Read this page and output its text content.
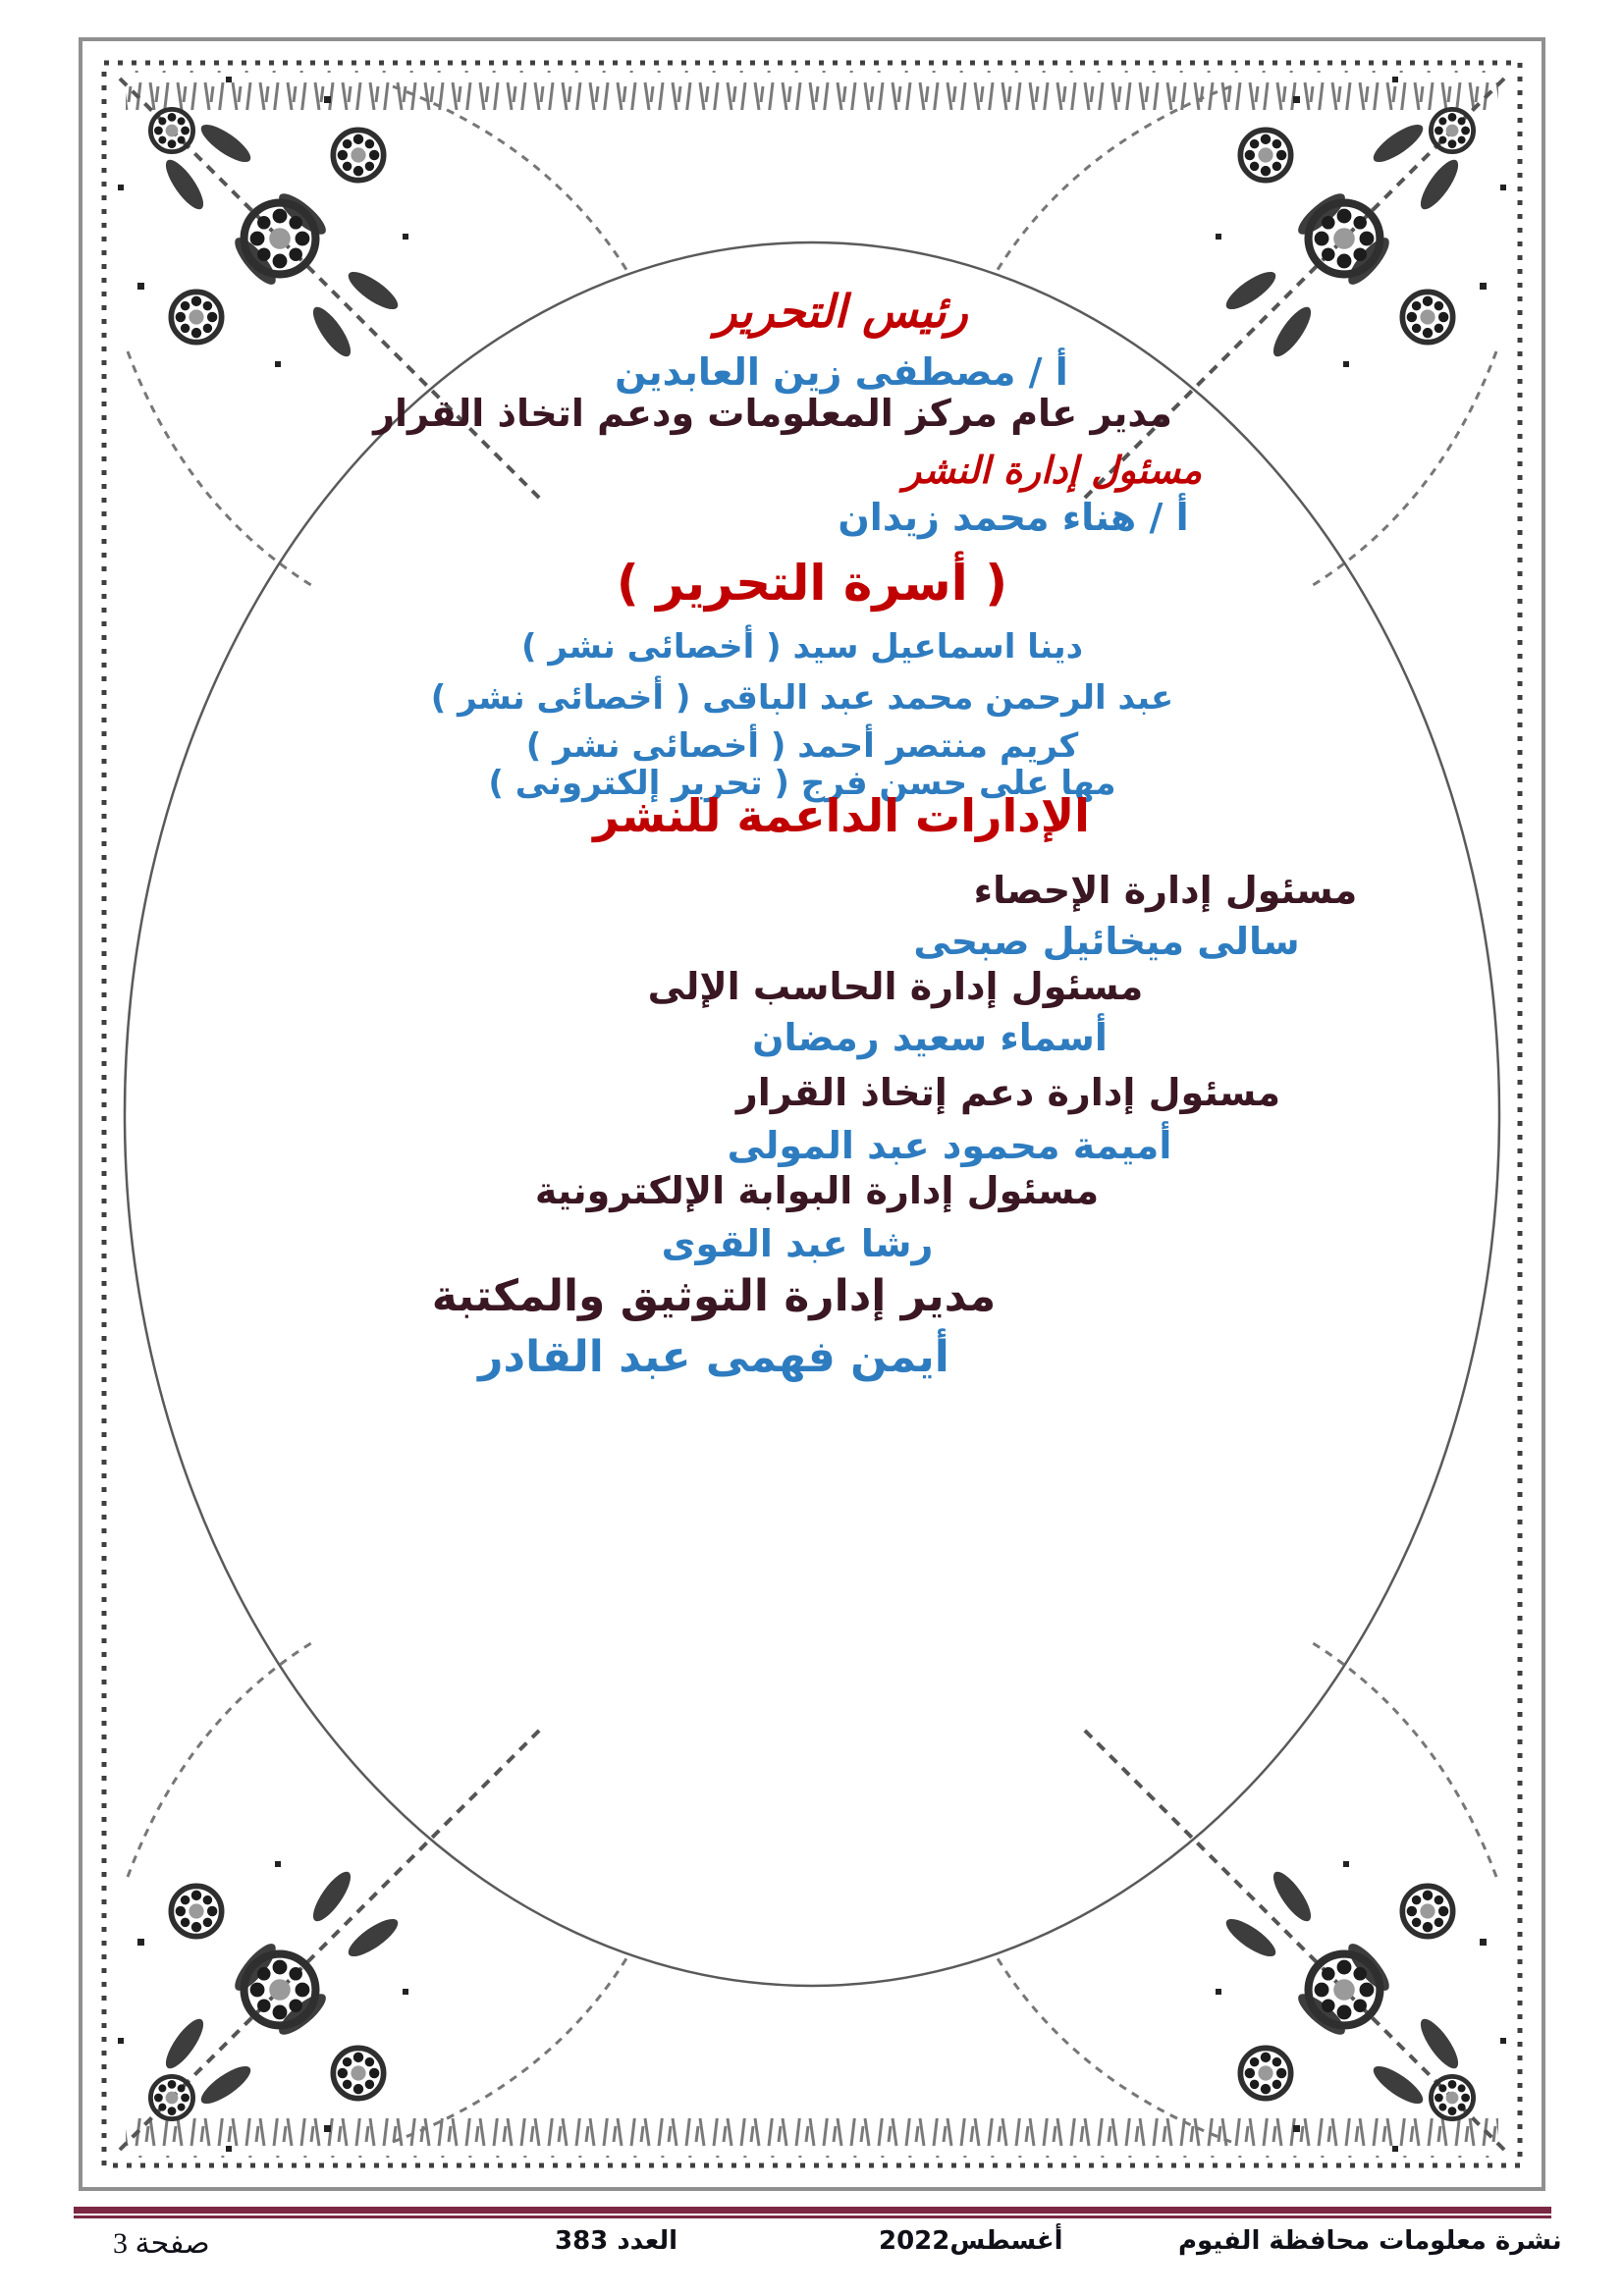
رئيس التحرير
أ / مصطفى زين العابدين
مدير عام مركز المعلومات ودعم اتخاذ القرار
مسئول إدارة النشر
أ / هناء محمد زيدان
( أسرة التحرير )
دينا اسماعيل سيد ( أخصائى نشر )
عبد الرحمن محمد عبد الباقى ( أخصائى نشر )
كريم منتصر أحمد ( أخصائى نشر )
مها على حسن فرج ( تحرير إلكترونى )
الإدارات الداعمة للنشر
مسئول إدارة الإحصاء
سالى ميخائيل صبحى
مسئول إدارة الحاسب الإلى
أسماء سعيد رمضان
مسئول إدارة دعم إتخاذ القرار
أميمة محمود عبد المولى
مسئول إدارة البوابة الإلكترونية
رشا عبد القوى
مدير إدارة التوثيق والمكتبة
أيمن فهمى عبد القادر
صفحة 3	العدد 383	أغسطس2022	نشرة معلومات محافظة الفيوم
